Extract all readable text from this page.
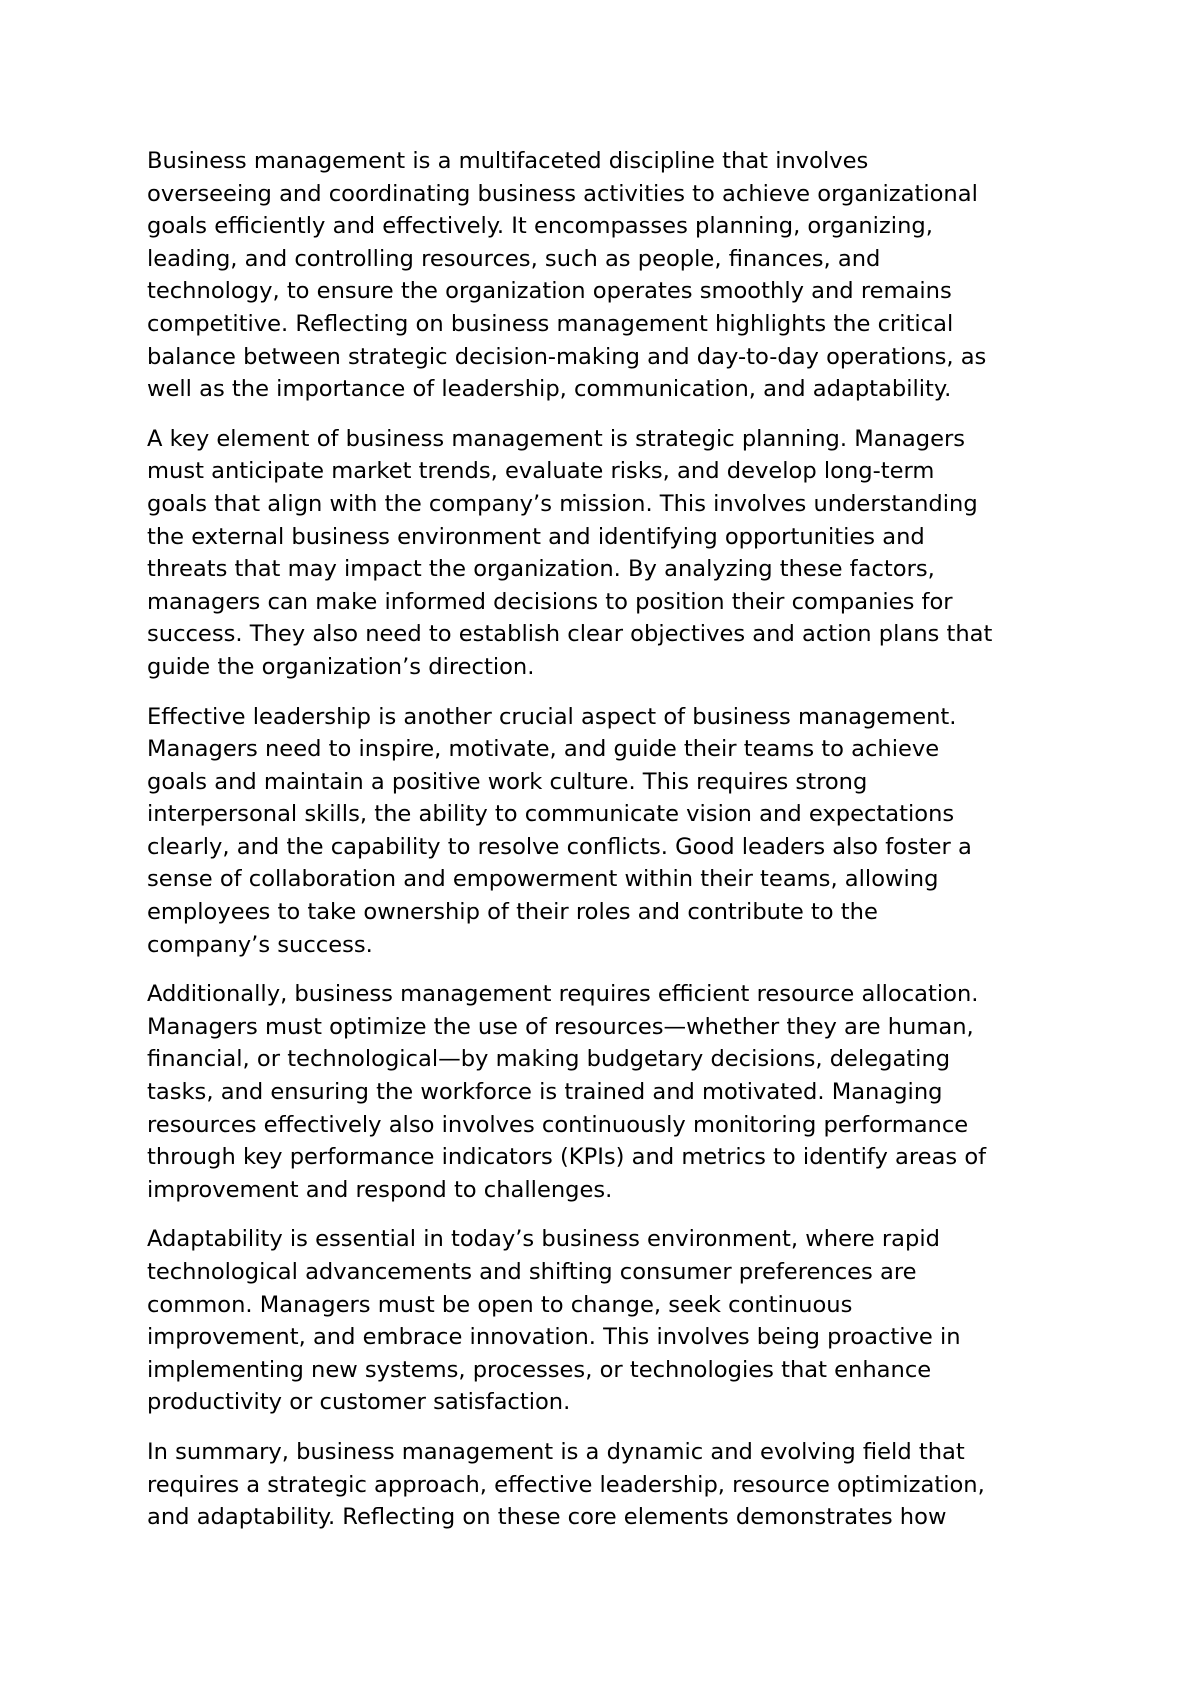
Business management is a multifaceted discipline that involves
overseeing and coordinating business activities to achieve organizational
goals efficiently and effectively. It encompasses planning, organizing,
leading, and controlling resources, such as people, finances, and
technology, to ensure the organization operates smoothly and remains
competitive. Reflecting on business management highlights the critical
balance between strategic decision-making and day-to-day operations, as
well as the importance of leadership, communication, and adaptability.

A key element of business management is strategic planning. Managers
must anticipate market trends, evaluate risks, and develop long-term
goals that align with the company’s mission. This involves understanding
the external business environment and identifying opportunities and
threats that may impact the organization. By analyzing these factors,
managers can make informed decisions to position their companies for
success. They also need to establish clear objectives and action plans that
guide the organization’s direction.

Effective leadership is another crucial aspect of business management.
Managers need to inspire, motivate, and guide their teams to achieve
goals and maintain a positive work culture. This requires strong
interpersonal skills, the ability to communicate vision and expectations
clearly, and the capability to resolve conflicts. Good leaders also foster a
sense of collaboration and empowerment within their teams, allowing
employees to take ownership of their roles and contribute to the
company’s success.

Additionally, business management requires efficient resource allocation.
Managers must optimize the use of resources—whether they are human,
financial, or technological—by making budgetary decisions, delegating
tasks, and ensuring the workforce is trained and motivated. Managing
resources effectively also involves continuously monitoring performance
through key performance indicators (KPIs) and metrics to identify areas of
improvement and respond to challenges.

Adaptability is essential in today’s business environment, where rapid
technological advancements and shifting consumer preferences are
common. Managers must be open to change, seek continuous
improvement, and embrace innovation. This involves being proactive in
implementing new systems, processes, or technologies that enhance
productivity or customer satisfaction.

In summary, business management is a dynamic and evolving field that
requires a strategic approach, effective leadership, resource optimization,
and adaptability. Reflecting on these core elements demonstrates how
